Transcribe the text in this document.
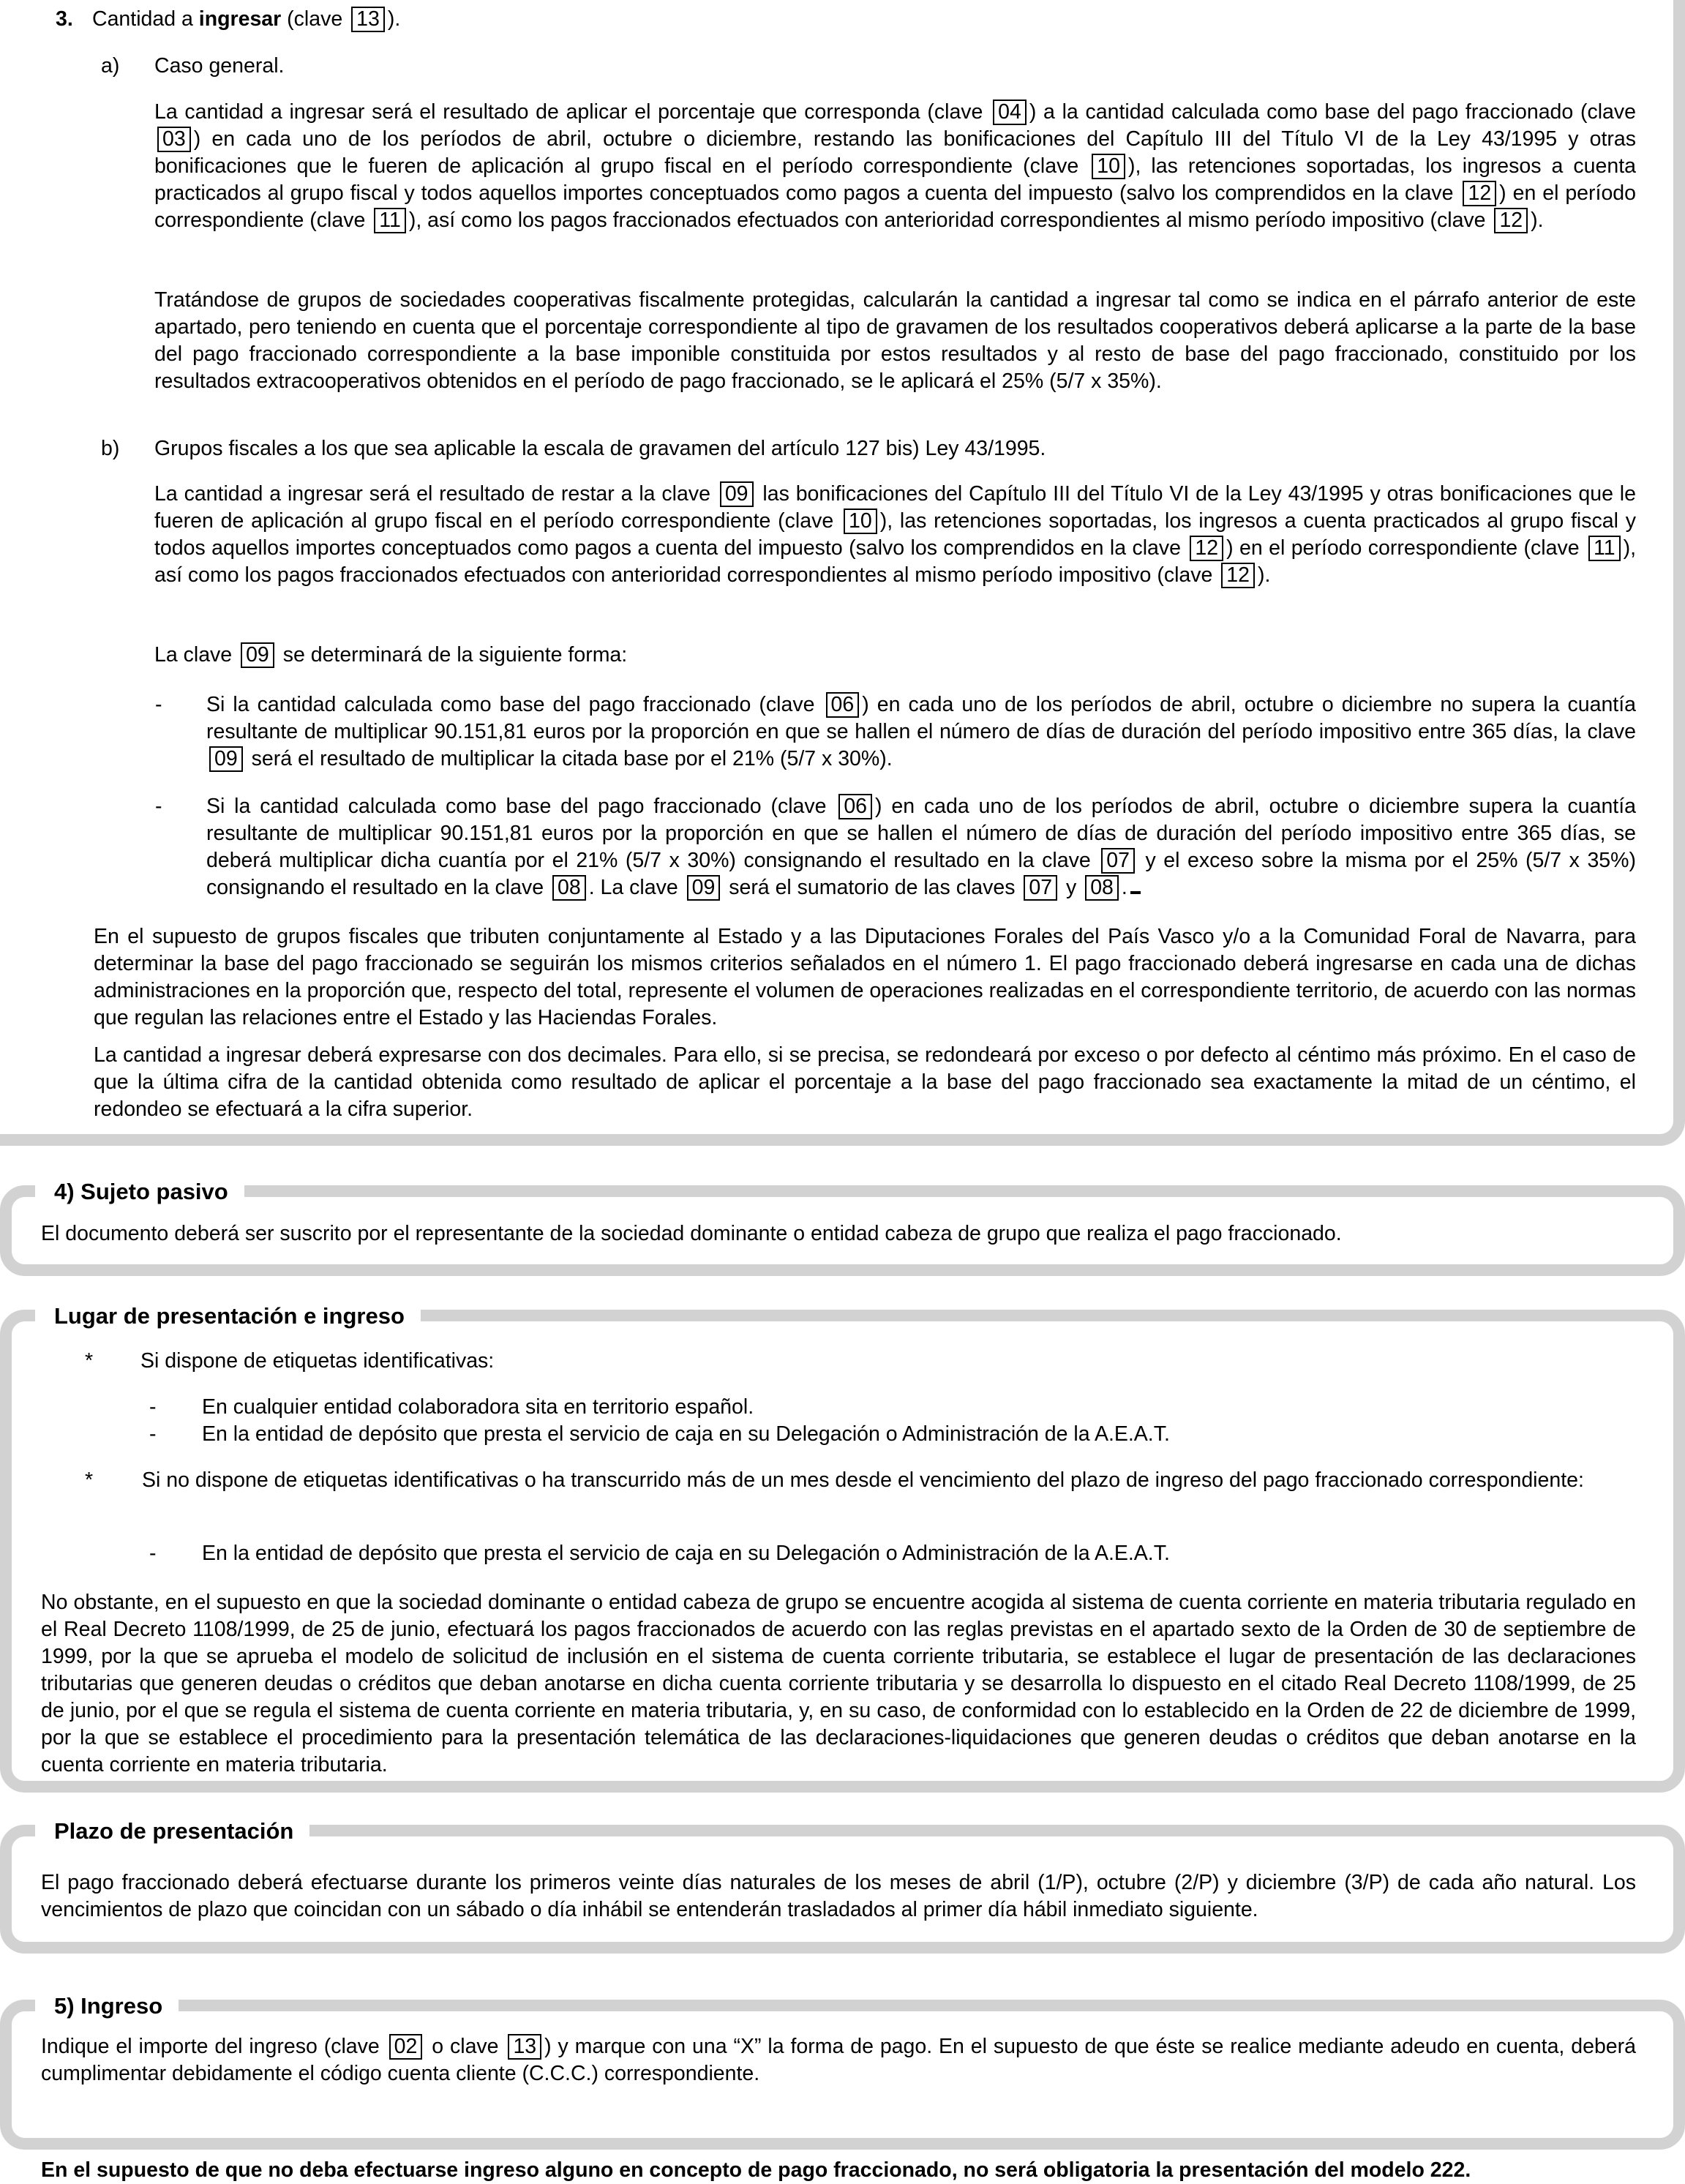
3. Cantidad a ingresar (clave 13 ).
a) Caso general.

La cantidad a ingresar será el resultado de aplicar el porcentaje que corresponda (clave 04 ) a la cantidad calculada como base del pago fraccionado (clave 03 ) en cada uno de los períodos de abril, octubre o diciembre, restando las bonificaciones del Capítulo III del Título VI de la Ley 43/1995 y otras bonificaciones que le fueren de aplicación al grupo fiscal en el período correspondiente (clave 10 ), las retenciones soportadas, los ingresos a cuenta practicados al grupo fiscal y todos aquellos importes conceptuados como pagos a cuenta del impuesto (salvo los comprendidos en la clave 12 ) en el período correspondiente (clave 11 ), así como los pagos fraccionados efectuados con anterioridad correspondientes al mismo período impositivo (clave 12 ).

Tratándose de grupos de sociedades cooperativas fiscalmente protegidas, calcularán la cantidad a ingresar tal como se indica en el párrafo anterior de este apartado, pero teniendo en cuenta que el porcentaje correspondiente al tipo de gravamen de los resultados cooperativos deberá aplicarse a la parte de la base del pago fraccionado correspondiente a la base imponible constituida por estos resultados y al resto de base del pago fraccionado, constituido por los resultados extracooperativos obtenidos en el período de pago fraccionado, se le aplicará el 25% (5/7 x 35%).

b) Grupos fiscales a los que sea aplicable la escala de gravamen del artículo 127 bis) Ley 43/1995.

La cantidad a ingresar será el resultado de restar a la clave 09 las bonificaciones del Capítulo III del Título VI de la Ley 43/1995 y otras bonificaciones que le fueren de aplicación al grupo fiscal en el período correspondiente (clave 10 ), las retenciones soportadas, los ingresos a cuenta practicados al grupo fiscal y todos aquellos importes conceptuados como pagos a cuenta del impuesto (salvo los comprendidos en la clave 12 ) en el período correspondiente (clave 11 ), así como los pagos fraccionados efectuados con anterioridad correspondientes al mismo período impositivo (clave 12 ).

La clave 09 se determinará de la siguiente forma:

- Si la cantidad calculada como base del pago fraccionado (clave 06 ) en cada uno de los períodos de abril, octubre o diciembre no supera la cuantía resultante de multiplicar 90.151,81 euros por la proporción en que se hallen el número de días de duración del período impositivo entre 365 días, la clave 09 será el resultado de multiplicar la citada base por el 21% (5/7 x 30%).

- Si la cantidad calculada como base del pago fraccionado (clave 06 ) en cada uno de los períodos de abril, octubre o diciembre supera la cuantía resultante de multiplicar 90.151,81 euros por la proporción en que se hallen el número de días de duración del período impositivo entre 365 días, se deberá multiplicar dicha cuantía por el 21% (5/7 x 30%) consignando el resultado en la clave 07 y el exceso sobre la misma por el 25% (5/7 x 35%) consignando el resultado en la clave 08 . La clave 09 será el sumatorio de las claves 07 y 08 .

En el supuesto de grupos fiscales que tributen conjuntamente al Estado y a las Diputaciones Forales del País Vasco y/o a la Comunidad Foral de Navarra, para determinar la base del pago fraccionado se seguirán los mismos criterios señalados en el número 1. El pago fraccionado deberá ingresarse en cada una de dichas administraciones en la proporción que, respecto del total, represente el volumen de operaciones realizadas en el correspondiente territorio, de acuerdo con las normas que regulan las relaciones entre el Estado y las Haciendas Forales.

La cantidad a ingresar deberá expresarse con dos decimales. Para ello, si se precisa, se redondeará por exceso o por defecto al céntimo más próximo. En el caso de que la última cifra de la cantidad obtenida como resultado de aplicar el porcentaje a la base del pago fraccionado sea exactamente la mitad de un céntimo, el redondeo se efectuará a la cifra superior.

4) Sujeto pasivo

El documento deberá ser suscrito por el representante de la sociedad dominante o entidad cabeza de grupo que realiza el pago fraccionado.

Lugar de presentación e ingreso
* Si dispone de etiquetas identificativas:

- En cualquier entidad colaboradora sita en territorio español.

- En la entidad de depósito que presta el servicio de caja en su Delegación o Administración de la A.E.A.T.

* Si no dispone de etiquetas identificativas o ha transcurrido más de un mes desde el vencimiento del plazo de ingreso del pago fraccionado correspondiente:

- En la entidad de depósito que presta el servicio de caja en su Delegación o Administración de la A.E.A.T.

No obstante, en el supuesto en que la sociedad dominante o entidad cabeza de grupo se encuentre acogida al sistema de cuenta corriente en materia tributaria regulado en el Real Decreto 1108/1999, de 25 de junio, efectuará los pagos fraccionados de acuerdo con las reglas previstas en el apartado sexto de la Orden de 30 de septiembre de 1999, por la que se aprueba el modelo de solicitud de inclusión en el sistema de cuenta corriente tributaria, se establece el lugar de presentación de las declaraciones tributarias que generen deudas o créditos que deban anotarse en dicha cuenta corriente tributaria y se desarrolla lo dispuesto en el citado Real Decreto 1108/1999, de 25 de junio, por el que se regula el sistema de cuenta corriente en materia tributaria, y, en su caso, de conformidad con lo establecido en la Orden de 22 de diciembre de 1999, por la que se establece el procedimiento para la presentación telemática de las declaraciones-liquidaciones que generen deudas o créditos que deban anotarse en la cuenta corriente en materia tributaria.

Plazo de presentación

El pago fraccionado deberá efectuarse durante los primeros veinte días naturales de los meses de abril (1/P), octubre (2/P) y diciembre (3/P) de cada año natural. Los vencimientos de plazo que coincidan con un sábado o día inhábil se entenderán trasladados al primer día hábil inmediato siguiente.

5) Ingreso

Indique el importe del ingreso (clave 02 o clave 13 ) y marque con una “X” la forma de pago. En el supuesto de que éste se realice mediante adeudo en cuenta, deberá cumplimentar debidamente el código cuenta cliente (C.C.C.) correspondiente.

En el supuesto de que no deba efectuarse ingreso alguno en concepto de pago fraccionado, no será obligatoria la presentación del modelo 222.
